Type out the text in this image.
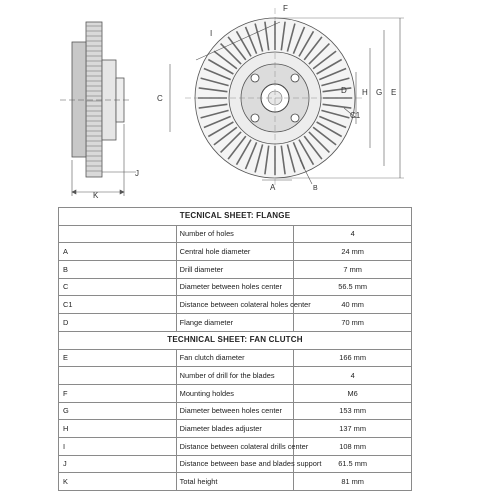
F
I
C
D
C1
H G E
A	B
K
J
TECNICAL SHEET: FLANGE		
	Number of holes	4
A	Central hole diameter	24 mm
B	Drill diameter	7 mm
C	Diameter between holes center	56.5 mm
C1	Distance between colateral holes center	40 mm
D	Flange diameter	70 mm
TECHNICAL SHEET: FAN CLUTCH		
E	Fan clutch diameter	166 mm
	Number of drill for the blades	4
F	Mounting holdes	M6
G	Diameter between holes center	153 mm
H	Diameter blades adjuster	137 mm
I	Distance between colateral drills center	108 mm
J	Distance between base and blades support	61.5 mm
K	Total height	81 mm
